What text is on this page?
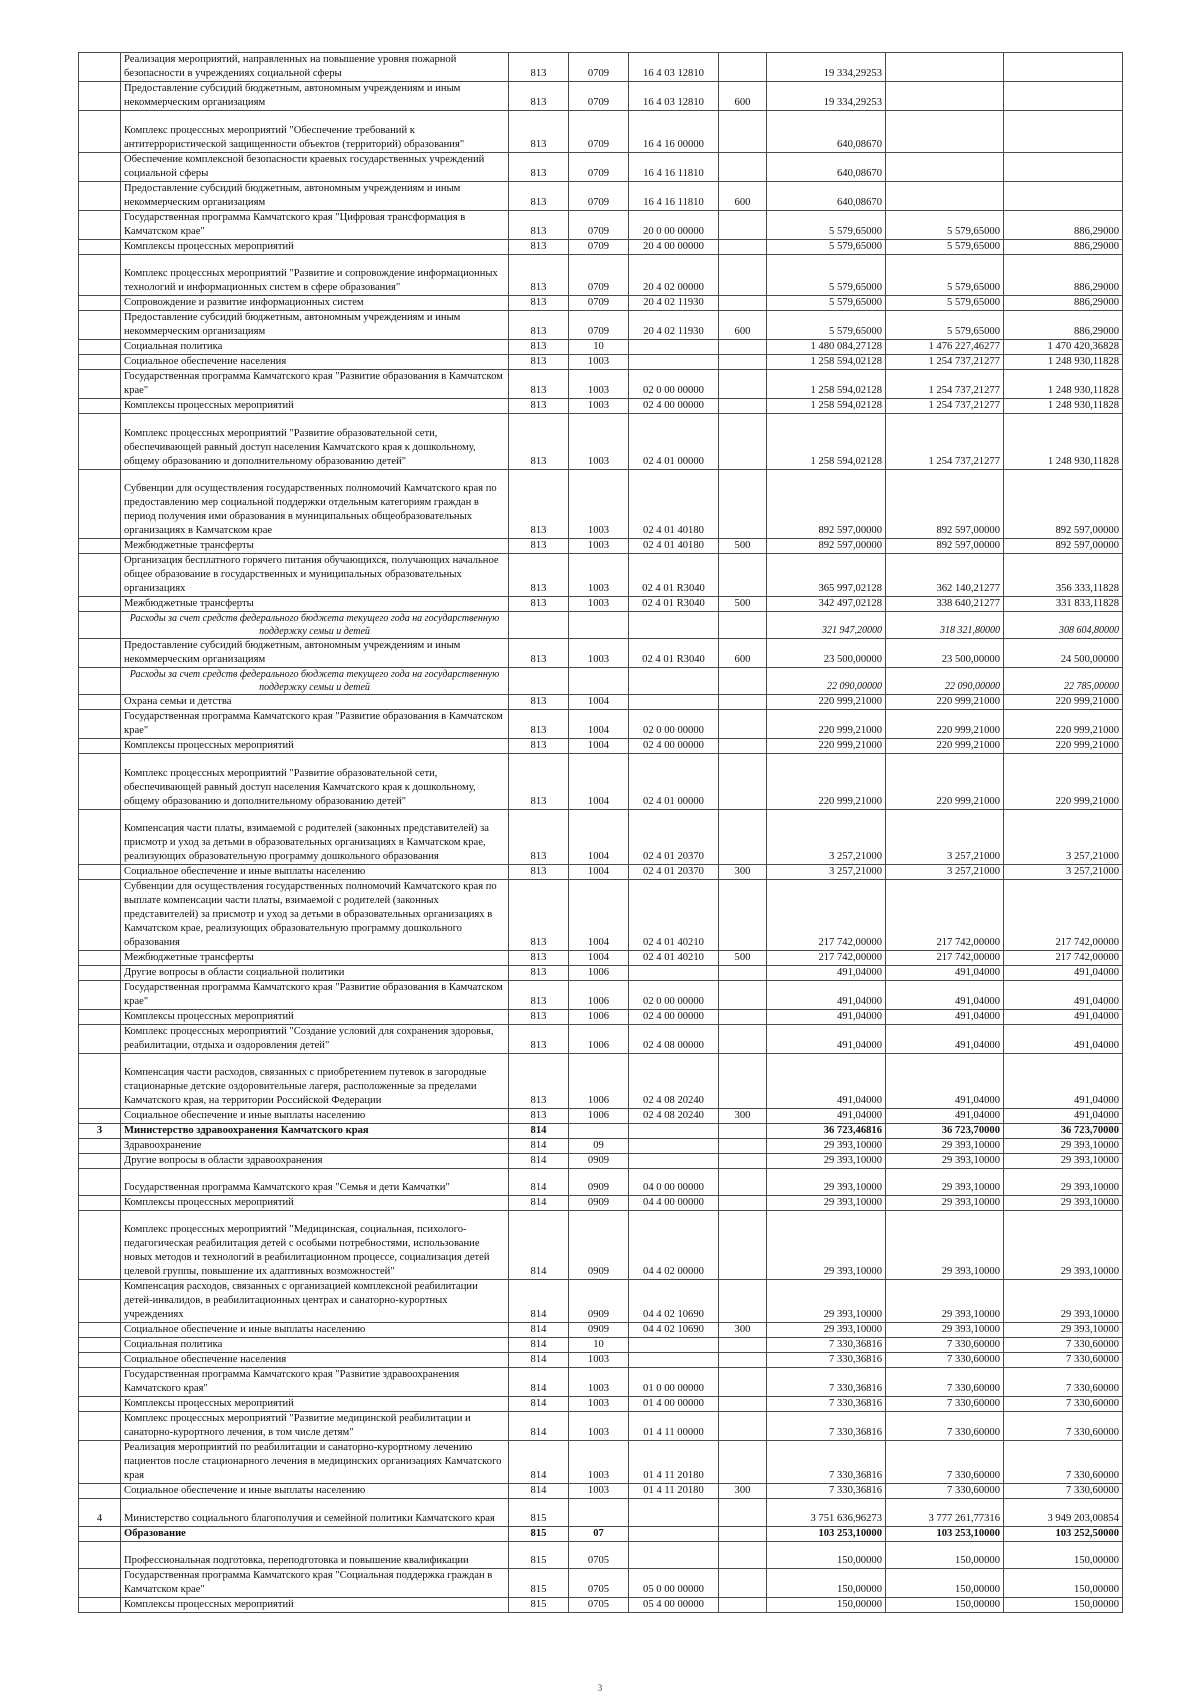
	Реализация мероприятий, направленных на повышение уровня пожарной безопасности в учреждениях социальной сферы	813	0709	16 4 03 12810		19 334,29253		
	Предоставление субсидий бюджетным, автономным учреждениям и иным некоммерческим организациям	813	0709	16 4 03 12810	600	19 334,29253		
	Комплекс процессных мероприятий "Обеспечение требований к антитеррористической защищенности объектов (территорий) образования"	813	0709	16 4 16 00000		640,08670		
	Обеспечение комплексной безопасности краевых государственных учреждений социальной сферы	813	0709	16 4 16 11810		640,08670		
	Предоставление субсидий бюджетным, автономным учреждениям и иным некоммерческим организациям	813	0709	16 4 16 11810	600	640,08670		
	Государственная программа Камчатского края "Цифровая трансформация в Камчатском крае"	813	0709	20 0 00 00000		5 579,65000	5 579,65000	886,29000
	Комплексы процессных мероприятий	813	0709	20 4 00 00000		5 579,65000	5 579,65000	886,29000
	Комплекс процессных мероприятий "Развитие и сопровождение информационных технологий и информационных систем в сфере образования"	813	0709	20 4 02 00000		5 579,65000	5 579,65000	886,29000
	Сопровождение и развитие информационных систем	813	0709	20 4 02 11930		5 579,65000	5 579,65000	886,29000
	Предоставление субсидий бюджетным, автономным учреждениям и иным некоммерческим организациям	813	0709	20 4 02 11930	600	5 579,65000	5 579,65000	886,29000
	Социальная политика	813	10			1 480 084,27128	1 476 227,46277	1 470 420,36828
	Социальное обеспечение населения	813	1003			1 258 594,02128	1 254 737,21277	1 248 930,11828
	Государственная программа Камчатского края "Развитие образования в Камчатском крае"	813	1003	02 0 00 00000		1 258 594,02128	1 254 737,21277	1 248 930,11828
	Комплексы процессных мероприятий	813	1003	02 4 00 00000		1 258 594,02128	1 254 737,21277	1 248 930,11828
	Комплекс процессных мероприятий "Развитие образовательной сети, обеспечивающей равный доступ населения Камчатского края к дошкольному, общему образованию и дополнительному образованию детей"	813	1003	02 4 01 00000		1 258 594,02128	1 254 737,21277	1 248 930,11828
	Субвенции для осуществления государственных полномочий Камчатского края по предоставлению мер социальной поддержки отдельным категориям граждан в период получения ими образования в муниципальных общеобразовательных организациях в Камчатском крае	813	1003	02 4 01 40180		892 597,00000	892 597,00000	892 597,00000
	Межбюджетные трансферты	813	1003	02 4 01 40180	500	892 597,00000	892 597,00000	892 597,00000
	Организация бесплатного горячего питания обучающихся, получающих начальное общее образование в государственных и муниципальных образовательных организациях	813	1003	02 4 01 R3040		365 997,02128	362 140,21277	356 333,11828
	Межбюджетные трансферты	813	1003	02 4 01 R3040	500	342 497,02128	338 640,21277	331 833,11828
	Расходы за счет средств федерального бюджета текущего года на государственную поддержку семьи и детей					321 947,20000	318 321,80000	308 604,80000
	Предоставление субсидий бюджетным, автономным учреждениям и иным некоммерческим организациям	813	1003	02 4 01 R3040	600	23 500,00000	23 500,00000	24 500,00000
	Расходы за счет средств федерального бюджета текущего года на государственную поддержку семьи и детей					22 090,00000	22 090,00000	22 785,00000
	Охрана семьи и детства	813	1004			220 999,21000	220 999,21000	220 999,21000
	Государственная программа Камчатского края "Развитие образования в Камчатском крае"	813	1004	02 0 00 00000		220 999,21000	220 999,21000	220 999,21000
	Комплексы процессных мероприятий	813	1004	02 4 00 00000		220 999,21000	220 999,21000	220 999,21000
	Комплекс процессных мероприятий "Развитие образовательной сети, обеспечивающей равный доступ населения Камчатского края к дошкольному, общему образованию и дополнительному образованию детей"	813	1004	02 4 01 00000		220 999,21000	220 999,21000	220 999,21000
	Компенсация части платы, взимаемой с родителей (законных представителей) за присмотр и уход за детьми в образовательных организациях в Камчатском крае, реализующих образовательную программу дошкольного образования	813	1004	02 4 01 20370		3 257,21000	3 257,21000	3 257,21000
	Социальное обеспечение и иные выплаты населению	813	1004	02 4 01 20370	300	3 257,21000	3 257,21000	3 257,21000
	Субвенции для осуществления государственных полномочий Камчатского края по выплате компенсации части платы, взимаемой с родителей (законных представителей) за присмотр и уход за детьми в образовательных организациях в Камчатском крае, реализующих образовательную программу дошкольного образования	813	1004	02 4 01 40210		217 742,00000	217 742,00000	217 742,00000
	Межбюджетные трансферты	813	1004	02 4 01 40210	500	217 742,00000	217 742,00000	217 742,00000
	Другие вопросы в области социальной политики	813	1006			491,04000	491,04000	491,04000
	Государственная программа Камчатского края "Развитие образования в Камчатском крае"	813	1006	02 0 00 00000		491,04000	491,04000	491,04000
	Комплексы процессных мероприятий	813	1006	02 4 00 00000		491,04000	491,04000	491,04000
	Комплекс процессных мероприятий "Создание условий для сохранения здоровья, реабилитации, отдыха и оздоровления детей"	813	1006	02 4 08 00000		491,04000	491,04000	491,04000
	Компенсация части расходов, связанных с приобретением путевок в загородные стационарные детские оздоровительные лагеря, расположенные за пределами Камчатского края, на территории Российской Федерации	813	1006	02 4 08 20240		491,04000	491,04000	491,04000
	Социальное обеспечение и иные выплаты населению	813	1006	02 4 08 20240	300	491,04000	491,04000	491,04000
3	Министерство здравоохранения Камчатского края	814				36 723,46816	36 723,70000	36 723,70000
	Здравоохранение	814	09			29 393,10000	29 393,10000	29 393,10000
	Другие вопросы в области здравоохранения	814	0909			29 393,10000	29 393,10000	29 393,10000
	Государственная программа Камчатского края "Семья и дети Камчатки"	814	0909	04 0 00 00000		29 393,10000	29 393,10000	29 393,10000
	Комплексы процессных мероприятий	814	0909	04 4 00 00000		29 393,10000	29 393,10000	29 393,10000
	Комплекс процессных мероприятий "Медицинская, социальная, психолого-педагогическая реабилитация детей с особыми потребностями, использование новых методов и технологий в реабилитационном процессе, социализация детей целевой группы, повышение их адаптивных возможностей"	814	0909	04 4 02 00000		29 393,10000	29 393,10000	29 393,10000
	Компенсация расходов, связанных с организацией комплексной реабилитации детей-инвалидов, в реабилитационных центрах и санаторно-курортных учреждениях	814	0909	04 4 02 10690		29 393,10000	29 393,10000	29 393,10000
	Социальное обеспечение и иные выплаты населению	814	0909	04 4 02 10690	300	29 393,10000	29 393,10000	29 393,10000
	Социальная политика	814	10			7 330,36816	7 330,60000	7 330,60000
	Социальное обеспечение населения	814	1003			7 330,36816	7 330,60000	7 330,60000
	Государственная программа Камчатского края "Развитие здравоохранения Камчатского края"	814	1003	01 0 00 00000		7 330,36816	7 330,60000	7 330,60000
	Комплексы процессных мероприятий	814	1003	01 4 00 00000		7 330,36816	7 330,60000	7 330,60000
	Комплекс процессных мероприятий "Развитие медицинской реабилитации и санаторно-курортного лечения, в том числе детям"	814	1003	01 4 11 00000		7 330,36816	7 330,60000	7 330,60000
	Реализация мероприятий по реабилитации и санаторно-курортному лечению пациентов после стационарного лечения в медицинских организациях Камчатского края	814	1003	01 4 11 20180		7 330,36816	7 330,60000	7 330,60000
	Социальное обеспечение и иные выплаты населению	814	1003	01 4 11 20180	300	7 330,36816	7 330,60000	7 330,60000
4	Министерство социального благополучия и семейной политики Камчатского края	815				3 751 636,96273	3 777 261,77316	3 949 203,00854
	Образование	815	07			103 253,10000	103 253,10000	103 252,50000
	Профессиональная подготовка, переподготовка и повышение квалификации	815	0705			150,00000	150,00000	150,00000
	Государственная программа Камчатского края "Социальная поддержка граждан в Камчатском крае"	815	0705	05 0 00 00000		150,00000	150,00000	150,00000
	Комплексы процессных мероприятий	815	0705	05 4 00 00000		150,00000	150,00000	150,00000
3
